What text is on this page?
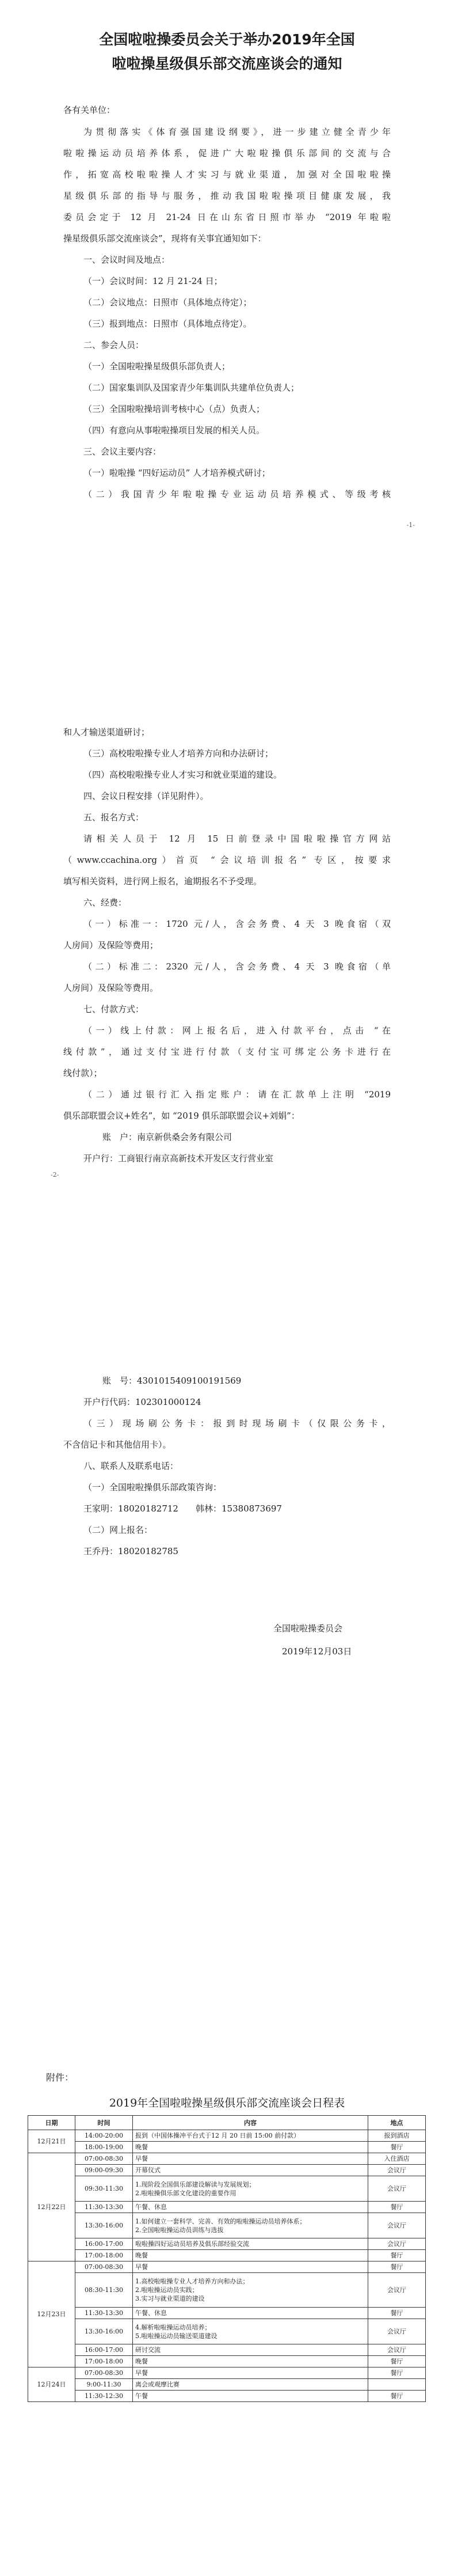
全国啦啦操委员会关于举办2019年全国
啦啦操星级俱乐部交流座谈会的通知

各有关单位：

为贯彻落实《体育强国建设纲要》，进一步建立健全青少年

啦啦操运动员培养体系，促进广大啦啦操俱乐部间的交流与合

作，拓宽高校啦啦操人才实习与就业渠道，加强对全国啦啦操

星级俱乐部的指导与服务，推动我国啦啦操项目健康发展，我

委员会定于 12 月 21-24 日在山东省日照市举办 “2019 年啦啦

操星级俱乐部交流座谈会”，现将有关事宜通知如下：

一、会议时间及地点：

（一）会议时间：12 月 21-24 日；

（二）会议地点：日照市（具体地点待定）；

（三）报到地点：日照市（具体地点待定）。

二、参会人员：

（一）全国啦啦操星级俱乐部负责人；

（二）国家集训队及国家青少年集训队共建单位负责人；

（三）全国啦啦操培训考核中心（点）负责人；

（四）有意向从事啦啦操项目发展的相关人员。

三、会议主要内容：

（一）啦啦操 “四好运动员” 人才培养模式研讨；

（二）我国青少年啦啦操专业运动员培养模式、等级考核

-1-

和人才输送渠道研讨；

（三）高校啦啦操专业人才培养方向和办法研讨；

（四）高校啦啦操专业人才实习和就业渠道的建设。

四、会议日程安排（详见附件）。

五、报名方式：

请相关人员于 12 月 15 日前登录中国啦啦操官方网站

（www.ccachina.org）首页 “会议培训报名” 专区，按要求

填写相关资料，进行网上报名，逾期报名不予受理。

六、经费：

（一）标准一：1720 元/人，含会务费、4 天 3 晚食宿（双

人房间）及保险等费用；

（二）标准二：2320 元/人，含会务费、4 天 3 晚食宿（单

人房间）及保险等费用。

七、付款方式：

（一）线上付款：网上报名后，进入付款平台，点击 “在

线付款”，通过支付宝进行付款（支付宝可绑定公务卡进行在

线付款）；

（二）通过银行汇入指定账户：请在汇款单上注明 “2019

俱乐部联盟会议+姓名”，如 “2019 俱乐部联盟会议+刘娟”：

账　户：南京新供桑会务有限公司

开户行：工商银行南京高新技术开发区支行营业室

-2-

账　号：4301015409100191569

开户行代码：102301000124

（三）现场刷公务卡：报到时现场刷卡（仅限公务卡，

不含信记卡和其他信用卡）。

八、联系人及联系电话：

（一）全国啦啦操俱乐部政策咨询：

王家明：18020182712　　韩林：15380873697

（二）网上报名：

王乔丹：18020182785

全国啦啦操委员会

2019年12月03日

附件：

2019年全国啦啦操星级俱乐部交流座谈会日程表

日期	时间	内容	地点
12月21日	14:00-20:00	报到（中国体操冲平台式于12 月 20 日前 15:00 前付款）	报到酒店
	18:00-19:00	晚餐	餐厅
12月22日	07:00-08:30	早餐	入住酒店
	09:00-09:30	开幕仪式	会议厅
	09:30-11:30	1.现阶段全国俱乐部建设解读与发展规划；
2.啦啦操俱乐部文化建设的重要作用	会议厅
	11:30-13:30	午餐、休息	餐厅
	13:30-16:00	1.如何建立一套科学、完善、有效的啦啦操运动员培养体系；
2.全国啦啦操运动员训练与选拔	会议厅
	16:00-17:00	啦啦操四好运动员培养及俱乐部经验交流	会议厅
	17:00-18:00	晚餐	餐厅
12月23日	07:00-08:30	早餐	餐厅
	08:30-11:30	1.高校啦啦操专业人才培养方向和办法；
2.啦啦操运动员实践；
3.实习与就业渠道的建设	会议厅
	11:30-13:30	午餐、休息	餐厅
	13:30-16:00	4.解析啦啦操运动员培养；
5.啦啦操运动员输送渠道建设	会议厅
	16:00-17:00	研讨交流	会议厅
	17:00-18:00	晚餐	餐厅
12月24日	07:00-08:30	早餐	餐厅
	9:00-11:30	离会或观摩比赛	
	11:30-12:30	午餐	餐厅
